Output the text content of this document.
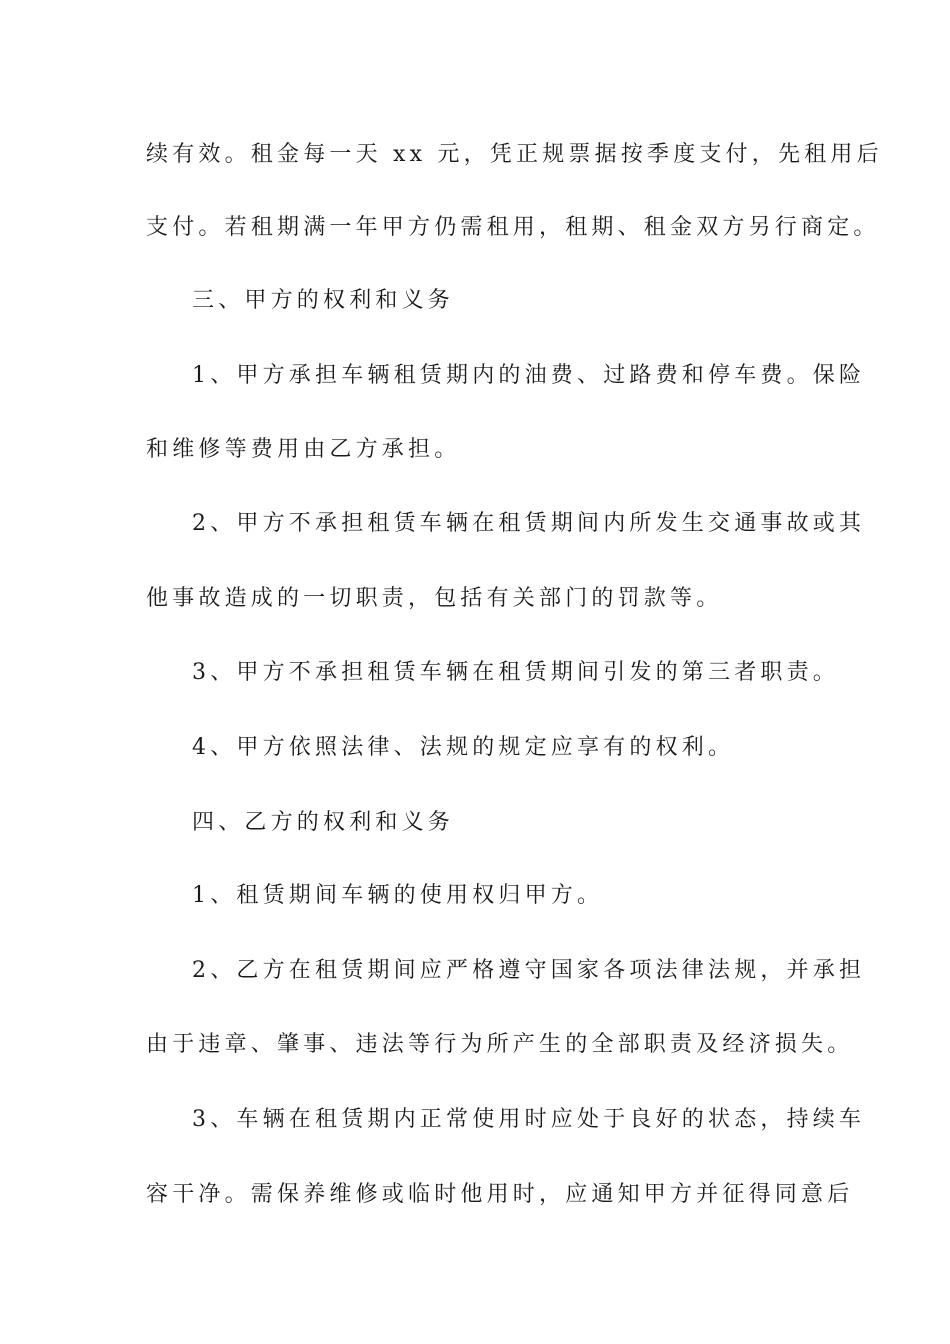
续有效。租金每一天 xx 元，凭正规票据按季度支付，先租用后
支付。若租期满一年甲方仍需租用，租期、租金双方另行商定。
三、甲方的权利和义务
1、甲方承担车辆租赁期内的油费、过路费和停车费。保险
和维修等费用由乙方承担。
2、甲方不承担租赁车辆在租赁期间内所发生交通事故或其
他事故造成的一切职责，包括有关部门的罚款等。
3、甲方不承担租赁车辆在租赁期间引发的第三者职责。
4、甲方依照法律、法规的规定应享有的权利。
四、乙方的权利和义务
1、租赁期间车辆的使用权归甲方。
2、乙方在租赁期间应严格遵守国家各项法律法规，并承担
由于违章、肇事、违法等行为所产生的全部职责及经济损失。
3、车辆在租赁期内正常使用时应处于良好的状态，持续车
容干净。需保养维修或临时他用时，应通知甲方并征得同意后
